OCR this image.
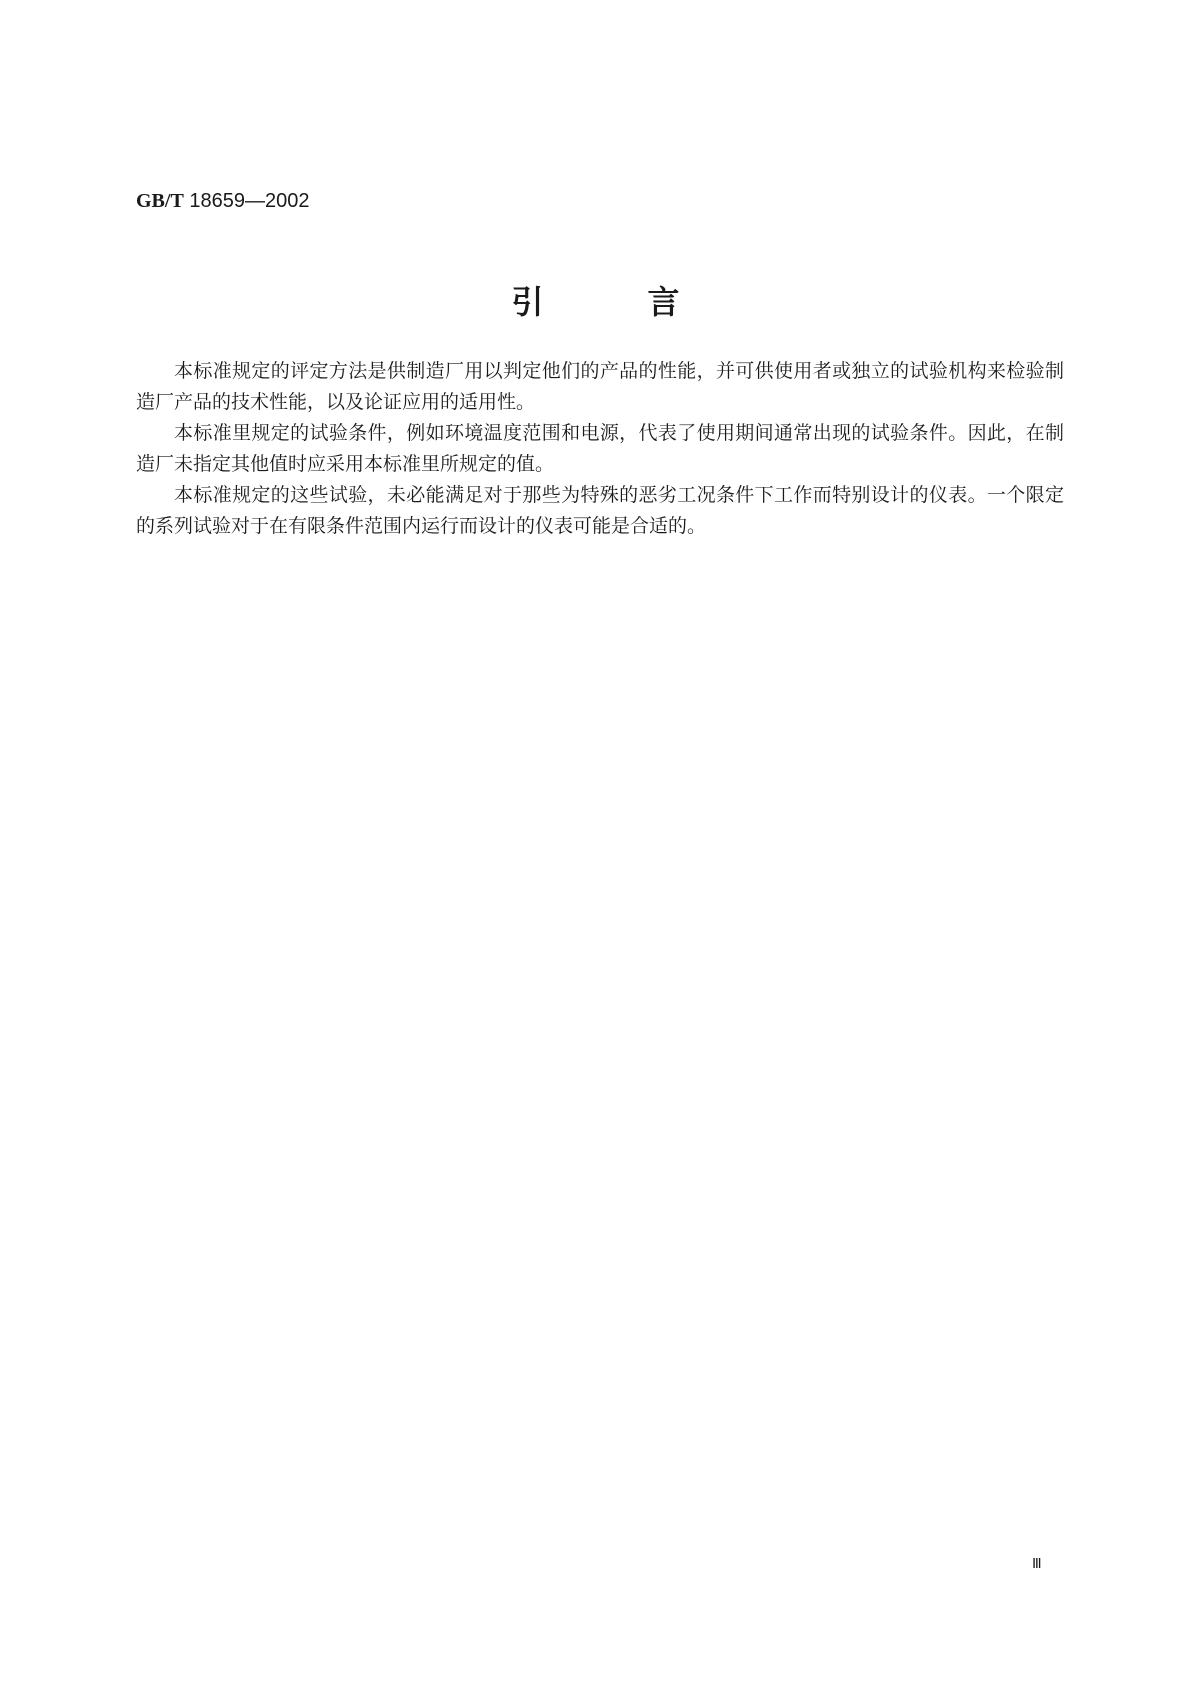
GB/T 18659—2002
引	言

本标准规定的评定方法是供制造厂用以判定他们的产品的性能，并可供使用者或独立的试验机构来检验制造厂产品的技术性能，以及论证应用的适用性。

本标准里规定的试验条件，例如环境温度范围和电源，代表了使用期间通常出现的试验条件。因此，在制造厂未指定其他值时应采用本标准里所规定的值。

本标准规定的这些试验，未必能满足对于那些为特殊的恶劣工况条件下工作而特别设计的仪表。一个限定的系列试验对于在有限条件范围内运行而设计的仪表可能是合适的。

Ⅲ
